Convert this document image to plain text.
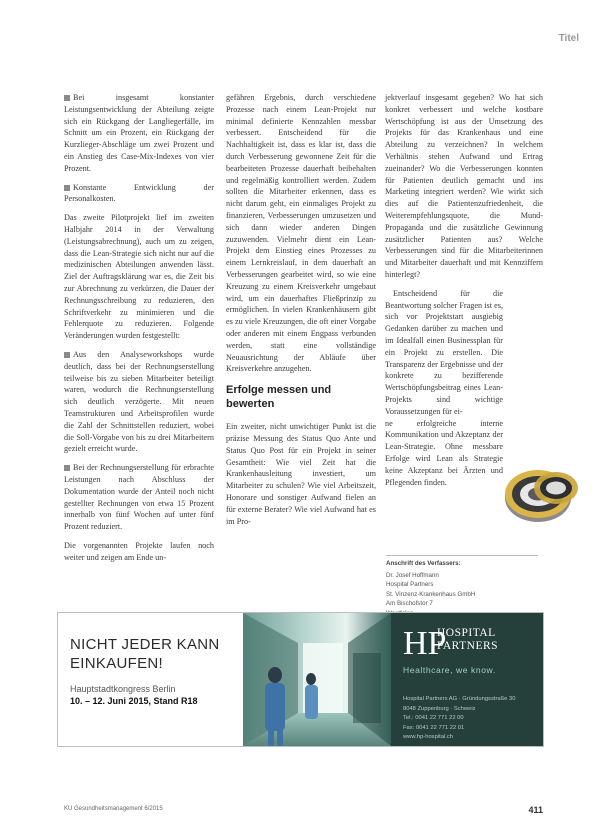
Titel

Bei insgesamt konstanter Leistungsentwicklung der Abteilung zeigte sich ein Rückgang der Langliegerfälle, im Schnitt um ein Prozent, ein Rückgang der Kurzlieger-Abschläge um zwei Prozent und ein Anstieg des Case-Mix-Indexes von vier Prozent.

Konstante Entwicklung der Personalkosten.

Das zweite Pilotprojekt lief im zweiten Halbjahr 2014 in der Verwaltung (Leistungsabrechnung), auch um zu zeigen, dass die Lean-Strategie sich nicht nur auf die medizinischen Abteilungen anwenden lässt. Ziel der Auftragsklärung war es, die Zeit bis zur Abrechnung zu verkürzen, die Dauer der Rechnungsschreibung zu reduzieren, den Schriftverkehr zu minimieren und die Fehlerquote zu reduzieren. Folgende Veränderungen wurden festgestellt:

Aus den Analyseworkshops wurde deutlich, dass bei der Rechnungserstellung teilweise bis zu sieben Mitarbeiter beteiligt waren, wodurch die Rechnungserstellung sich deutlich verzögerte. Mit neuen Teamstrukturen und Arbeitsprofilen wurde die Zahl der Schnittstellen reduziert, wobei die Soll-Vorgabe von bis zu drei Mitarbeitern gezielt erreicht wurde.

Bei der Rechnungserstellung für erbrachte Leistungen nach Abschluss der Dokumentation wurde der Anteil noch nicht gestellter Rechnungen von etwa 15 Prozent innerhalb von fünf Wochen auf unter fünf Prozent reduziert.

Die vorgenannten Projekte laufen noch weiter und zeigen am Ende un-

gefähren Ergebnis, durch verschiedene Prozesse nach einem Lean-Projekt nur minimal definierte Kennzahlen messbar verbessert. Entscheidend für die Nachhaltigkeit ist, dass es klar ist, dass die durch Verbesserung gewonnene Zeit für die bearbeiteten Prozesse dauerhaft beibehalten und regelmäßig kontrolliert werden. Zudem sollten die Mitarbeiter erkennen, dass es nicht darum geht, ein einmaliges Projekt zu finanzieren, Verbesserungen umzusetzen und sich dann wieder anderen Dingen zuzuwenden. Vielmehr dient ein Lean-Projekt dem Einstieg eines Prozesses zu einem Lernkreislauf, in dem dauerhaft an Verbesserungen gearbeitet wird, so wie eine Kreuzung zu einem Kreisverkehr umgebaut wird, um ein dauerhaftes Fließprinzip zu ermöglichen. In vielen Krankenhäusern gibt es zu viele Kreuzungen, die oft einer Vorgabe oder anderen mit einem Engpass verbunden werden, statt eine vollständige Neuausrichtung der Abläufe über Kreisverkehre anzugehen.

Erfolge messen und bewerten

Ein zweiter, nicht unwichtiger Punkt ist die präzise Messung des Status Quo Ante und Status Quo Post für ein Projekt in seiner Gesamtheit: Wie viel Zeit hat die Krankenhausleitung investiert, um Mitarbeiter zu schulen? Wie viel Arbeitszeit, Honorare und sonstiger Aufwand fielen an für externe Berater? Wie viel Aufwand hat es im Pro-

jektverlauf insgesamt gegeben? Wo hat sich konkret verbessert und welche kostbare Wertschöpfung ist aus der Umsetzung des Projekts für das Krankenhaus und eine Abteilung zu verzeichnen? In welchem Verhältnis stehen Aufwand und Ertrag zueinander? Wo die Verbesserungen konnten für Patienten deutlich gemacht und ins Marketing integriert werden? Wie wirkt sich dies auf die Patientenzufriedenheit, die Weiterempfehlungsquote, die Mund-Propaganda und die zusätzliche Gewinnung zusätzlicher Patienten aus? Welche Verbesserungen sind für die Mitarbeiterinnen und Mitarbeiter dauerhaft und mit Kennziffern hinterlegt?

Entscheidend für die Beantwortung solcher Fragen ist es, sich vor Projektstart ausgiebig Gedanken darüber zu machen und im Idealfall einen Businessplan für ein Projekt zu erstellen. Die Transparenz der Ergebnisse und der konkrete zu bezifferende Wertschöpfungsbeitrag eines Lean-Projekts sind wichtige Voraussetzungen für ei-

ne erfolgreiche interne Kommunikation und Akzeptanz der Lean-Strategie. Ohne messbare Erfolge wird Lean als Strategie keine Akzeptanz bei Ärzten und Pflegenden finden.

Anschrift des Verfassers:
Dr. Josef Hoffmann
Hospital Partners
St. Vinzenz-Krankenhaus GmbH
Am Bischofstor 7
NICHT JEDER KANN
EINKAUFEN!
Hauptstadtkongress Berlin
10. – 12. Juni 2015, Stand R18
HP
HOSPITAL
PARTNERS
Healthcare, we know.
Hospital Partners AG · Gründungsstraße 30
8048 Zuppenburg · Schweiz
Tel.: 0041 22 771 22 00
Fax: 0041 22 771 22 01
www.hp-hospital.ch
KU Gesundheitsmanagement 6/2015	411
